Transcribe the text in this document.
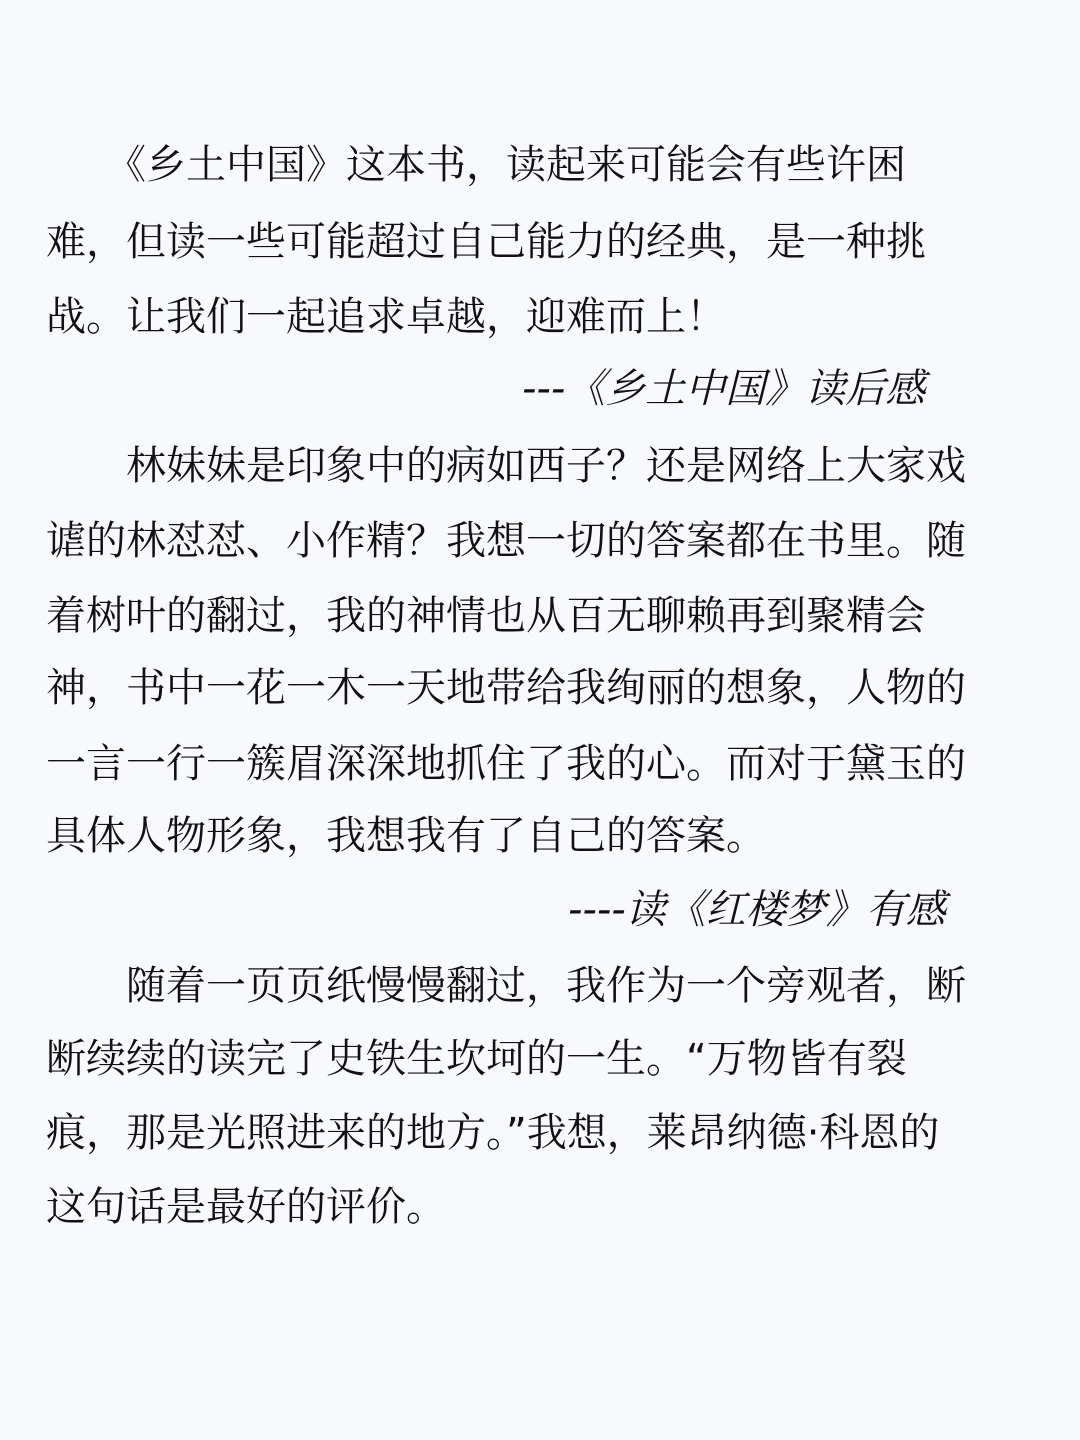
　　《乡土中国》这本书，读起来可能会有些许困

难，但读一些可能超过自己能力的经典，是一种挑

战。让我们一起追求卓越，迎难而上！

---《乡土中国》读后感

　　林妹妹是印象中的病如西子？还是网络上大家戏

谑的林怼怼、小作精？我想一切的答案都在书里。随

着树叶的翻过，我的神情也从百无聊赖再到聚精会

神，书中一花一木一天地带给我绚丽的想象，人物的

一言一行一簇眉深深地抓住了我的心。而对于黛玉的

具体人物形象，我想我有了自己的答案。

----读《红楼梦》有感

　　随着一页页纸慢慢翻过，我作为一个旁观者，断

断续续的读完了史铁生坎坷的一生。“万物皆有裂

痕，那是光照进来的地方。”我想，莱昂纳德·科恩的

这句话是最好的评价。
